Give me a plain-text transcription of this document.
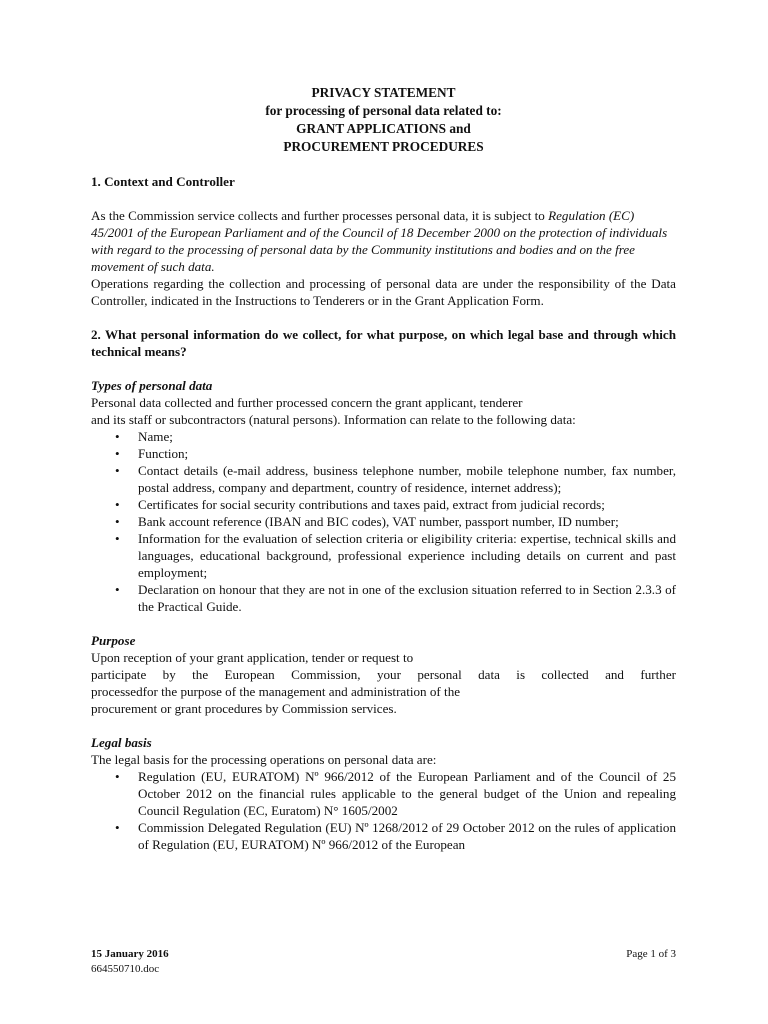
PRIVACY STATEMENT
for processing of personal data related to:
GRANT APPLICATIONS and
PROCUREMENT PROCEDURES
1. Context and Controller

As the Commission service collects and further processes personal data, it is subject to Regulation (EC) 45/2001 of the European Parliament and of the Council of 18 December 2000 on the protection of individuals with regard to the processing of personal data by the Community institutions and bodies and on the free movement of such data.

Operations regarding the collection and processing of personal data are under the responsibility of the Data Controller, indicated in the Instructions to Tenderers or in the Grant Application Form.

2. What personal information do we collect, for what purpose, on which legal base and through which technical means?

Types of personal data

Personal data collected and further processed concern the grant applicant, tenderer

and its staff or subcontractors (natural persons). Information can relate to the following data:

•	Name;
•	Function;
•	Contact details (e-mail address, business telephone number, mobile telephone number, fax number, postal address, company and department, country of residence, internet address);
•	Certificates for social security contributions and taxes paid, extract from judicial records;
•	Bank account reference (IBAN and BIC codes), VAT number, passport number, ID number;
•	Information for the evaluation of selection criteria or eligibility criteria: expertise, technical skills and languages, educational background, professional experience including details on current and past employment;
•	Declaration on honour that they are not in one of the exclusion situation referred to in Section 2.3.3 of the Practical Guide.

Purpose

Upon reception of your grant application, tender or request to

participate by the European Commission, your personal data is collected and further

processedfor the purpose of the management and administration of the

procurement or grant procedures by Commission services.

Legal basis

The legal basis for the processing operations on personal data are:

•	Regulation (EU, EURATOM) Nº 966/2012 of the European Parliament and of the Council of 25 October 2012 on the financial rules applicable to the general budget of the Union and repealing Council Regulation (EC, Euratom) N° 1605/2002
•	Commission Delegated Regulation (EU) Nº 1268/2012 of 29 October 2012 on the rules of application of Regulation (EU, EURATOM) Nº 966/2012 of the European
15 January 2016	Page 1 of 3
664550710.doc
